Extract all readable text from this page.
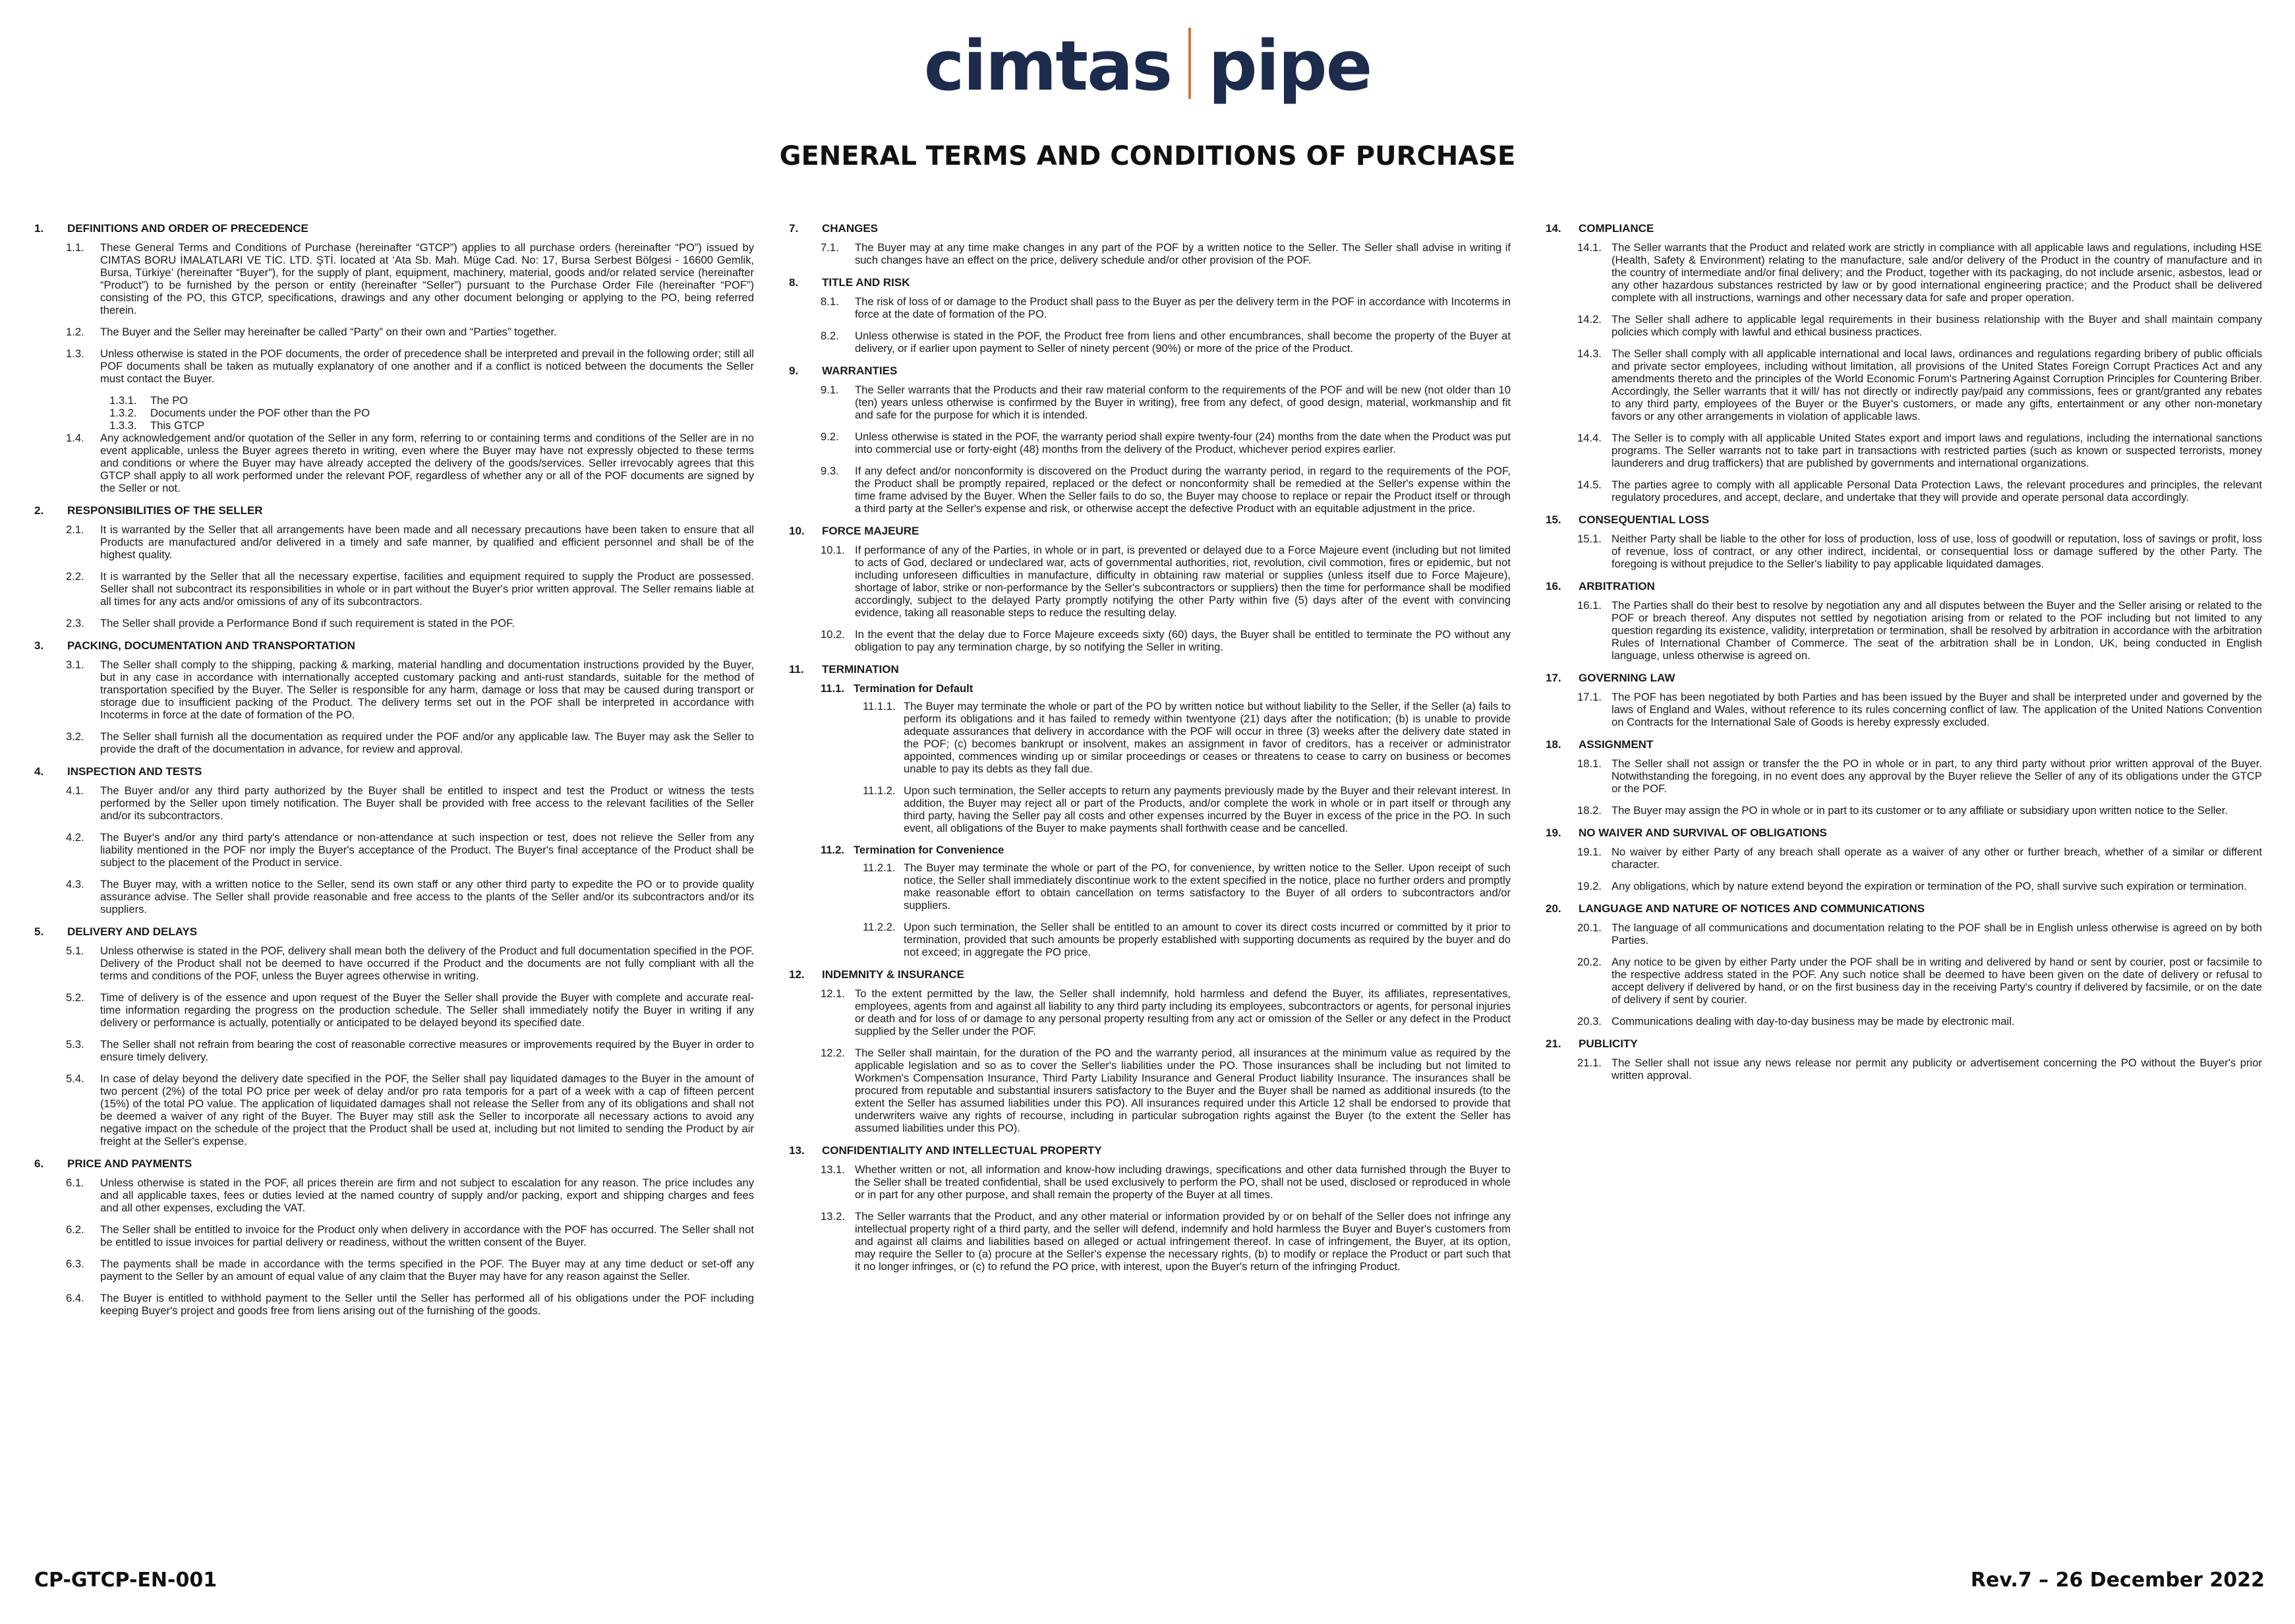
cimtas pipe
GENERAL TERMS AND CONDITIONS OF PURCHASE
1.	DEFINITIONS AND ORDER OF PRECEDENCE
1.1.	These General Terms and Conditions of Purchase (hereinafter “GTCP”) applies to all purchase orders (hereinafter “PO”) issued by CIMTAS BORU İMALATLARI VE TİC. LTD. ŞTİ. located at ‘Ata Sb. Mah. Müge Cad. No: 17, Bursa Serbest Bölgesi - 16600 Gemlik, Bursa, Türkiye’ (hereinafter “Buyer”), for the supply of plant, equipment, machinery, material, goods and/or related service (hereinafter “Product”) to be furnished by the person or entity (hereinafter “Seller”) pursuant to the Purchase Order File (hereinafter “POF”) consisting of the PO, this GTCP, specifications, drawings and any other document belonging or applying to the PO, being referred therein.
1.2.	The Buyer and the Seller may hereinafter be called “Party” on their own and “Parties” together.
1.3.	Unless otherwise is stated in the POF documents, the order of precedence shall be interpreted and prevail in the following order; still all POF documents shall be taken as mutually explanatory of one another and if a conflict is noticed between the documents the Seller must contact the Buyer.
1.3.1.	The PO
1.3.2.	Documents under the POF other than the PO
1.3.3.	This GTCP
1.4.	Any acknowledgement and/or quotation of the Seller in any form, referring to or containing terms and conditions of the Seller are in no event applicable, unless the Buyer agrees thereto in writing, even where the Buyer may have not expressly objected to these terms and conditions or where the Buyer may have already accepted the delivery of the goods/services. Seller irrevocably agrees that this GTCP shall apply to all work performed under the relevant POF, regardless of whether any or all of the POF documents are signed by the Seller or not.
2.	RESPONSIBILITIES OF THE SELLER
2.1.	It is warranted by the Seller that all arrangements have been made and all necessary precautions have been taken to ensure that all Products are manufactured and/or delivered in a timely and safe manner, by qualified and efficient personnel and shall be of the highest quality.
2.2.	It is warranted by the Seller that all the necessary expertise, facilities and equipment required to supply the Product are possessed. Seller shall not subcontract its responsibilities in whole or in part without the Buyer's prior written approval. The Seller remains liable at all times for any acts and/or omissions of any of its subcontractors.
2.3.	The Seller shall provide a Performance Bond if such requirement is stated in the POF.
3.	PACKING, DOCUMENTATION AND TRANSPORTATION
3.1.	The Seller shall comply to the shipping, packing & marking, material handling and documentation instructions provided by the Buyer, but in any case in accordance with internationally accepted customary packing and anti-rust standards, suitable for the method of transportation specified by the Buyer. The Seller is responsible for any harm, damage or loss that may be caused during transport or storage due to insufficient packing of the Product. The delivery terms set out in the POF shall be interpreted in accordance with Incoterms in force at the date of formation of the PO.
3.2.	The Seller shall furnish all the documentation as required under the POF and/or any applicable law. The Buyer may ask the Seller to provide the draft of the documentation in advance, for review and approval.
4.	INSPECTION AND TESTS
4.1.	The Buyer and/or any third party authorized by the Buyer shall be entitled to inspect and test the Product or witness the tests performed by the Seller upon timely notification. The Buyer shall be provided with free access to the relevant facilities of the Seller and/or its subcontractors.
4.2.	The Buyer's and/or any third party's attendance or non-attendance at such inspection or test, does not relieve the Seller from any liability mentioned in the POF nor imply the Buyer's acceptance of the Product. The Buyer's final acceptance of the Product shall be subject to the placement of the Product in service.
4.3.	The Buyer may, with a written notice to the Seller, send its own staff or any other third party to expedite the PO or to provide quality assurance advise. The Seller shall provide reasonable and free access to the plants of the Seller and/or its subcontractors and/or its suppliers.
5.	DELIVERY AND DELAYS
5.1.	Unless otherwise is stated in the POF, delivery shall mean both the delivery of the Product and full documentation specified in the POF. Delivery of the Product shall not be deemed to have occurred if the Product and the documents are not fully compliant with all the terms and conditions of the POF, unless the Buyer agrees otherwise in writing.
5.2.	Time of delivery is of the essence and upon request of the Buyer the Seller shall provide the Buyer with complete and accurate real-time information regarding the progress on the production schedule. The Seller shall immediately notify the Buyer in writing if any delivery or performance is actually, potentially or anticipated to be delayed beyond its specified date.
5.3.	The Seller shall not refrain from bearing the cost of reasonable corrective measures or improvements required by the Buyer in order to ensure timely delivery.
5.4.	In case of delay beyond the delivery date specified in the POF, the Seller shall pay liquidated damages to the Buyer in the amount of two percent (2%) of the total PO price per week of delay and/or pro rata temporis for a part of a week with a cap of fifteen percent (15%) of the total PO value. The application of liquidated damages shall not release the Seller from any of its obligations and shall not be deemed a waiver of any right of the Buyer. The Buyer may still ask the Seller to incorporate all necessary actions to avoid any negative impact on the schedule of the project that the Product shall be used at, including but not limited to sending the Product by air freight at the Seller's expense.
6.	PRICE AND PAYMENTS
6.1.	Unless otherwise is stated in the POF, all prices therein are firm and not subject to escalation for any reason. The price includes any and all applicable taxes, fees or duties levied at the named country of supply and/or packing, export and shipping charges and fees and all other expenses, excluding the VAT.
6.2.	The Seller shall be entitled to invoice for the Product only when delivery in accordance with the POF has occurred. The Seller shall not be entitled to issue invoices for partial delivery or readiness, without the written consent of the Buyer.
6.3.	The payments shall be made in accordance with the terms specified in the POF. The Buyer may at any time deduct or set-off any payment to the Seller by an amount of equal value of any claim that the Buyer may have for any reason against the Seller.
6.4.	The Buyer is entitled to withhold payment to the Seller until the Seller has performed all of his obligations under the POF including keeping Buyer's project and goods free from liens arising out of the furnishing of the goods.
7.	CHANGES
7.1.	The Buyer may at any time make changes in any part of the POF by a written notice to the Seller. The Seller shall advise in writing if such changes have an effect on the price, delivery schedule and/or other provision of the POF.
8.	TITLE AND RISK
8.1.	The risk of loss of or damage to the Product shall pass to the Buyer as per the delivery term in the POF in accordance with Incoterms in force at the date of formation of the PO.
8.2.	Unless otherwise is stated in the POF, the Product free from liens and other encumbrances, shall become the property of the Buyer at delivery, or if earlier upon payment to Seller of ninety percent (90%) or more of the price of the Product.
9.	WARRANTIES
9.1.	The Seller warrants that the Products and their raw material conform to the requirements of the POF and will be new (not older than 10 (ten) years unless otherwise is confirmed by the Buyer in writing), free from any defect, of good design, material, workmanship and fit and safe for the purpose for which it is intended.
9.2.	Unless otherwise is stated in the POF, the warranty period shall expire twenty-four (24) months from the date when the Product was put into commercial use or forty-eight (48) months from the delivery of the Product, whichever period expires earlier.
9.3.	If any defect and/or nonconformity is discovered on the Product during the warranty period, in regard to the requirements of the POF, the Product shall be promptly repaired, replaced or the defect or nonconformity shall be remedied at the Seller's expense within the time frame advised by the Buyer. When the Seller fails to do so, the Buyer may choose to replace or repair the Product itself or through a third party at the Seller's expense and risk, or otherwise accept the defective Product with an equitable adjustment in the price.
10.	FORCE MAJEURE
10.1. If performance of any of the Parties, in whole or in part, is prevented or delayed due to a Force Majeure event (including but not limited to acts of God, declared or undeclared war, acts of governmental authorities, riot, revolution, civil commotion, fires or epidemic, but not including unforeseen difficulties in manufacture, difficulty in obtaining raw material or supplies (unless itself due to Force Majeure), shortage of labor, strike or non-performance by the Seller's subcontractors or suppliers) then the time for performance shall be modified accordingly, subject to the delayed Party promptly notifying the other Party within five (5) days after of the event with convincing evidence, taking all reasonable steps to reduce the resulting delay.
10.2. In the event that the delay due to Force Majeure exceeds sixty (60) days, the Buyer shall be entitled to terminate the PO without any obligation to pay any termination charge, by so notifying the Seller in writing.
11.	TERMINATION
11.1. Termination for Default
11.1.1. The Buyer may terminate the whole or part of the PO by written notice but without liability to the Seller, if the Seller (a) fails to perform its obligations and it has failed to remedy within twentyone (21) days after the notification; (b) is unable to provide adequate assurances that delivery in accordance with the POF will occur in three (3) weeks after the delivery date stated in the POF; (c) becomes bankrupt or insolvent, makes an assignment in favor of creditors, has a receiver or administrator appointed, commences winding up or similar proceedings or ceases or threatens to cease to carry on business or becomes unable to pay its debts as they fall due.
11.1.2. Upon such termination, the Seller accepts to return any payments previously made by the Buyer and their relevant interest. In addition, the Buyer may reject all or part of the Products, and/or complete the work in whole or in part itself or through any third party, having the Seller pay all costs and other expenses incurred by the Buyer in excess of the price in the PO. In such event, all obligations of the Buyer to make payments shall forthwith cease and be cancelled.
11.2. Termination for Convenience
11.2.1. The Buyer may terminate the whole or part of the PO, for convenience, by written notice to the Seller. Upon receipt of such notice, the Seller shall immediately discontinue work to the extent specified in the notice, place no further orders and promptly make reasonable effort to obtain cancellation on terms satisfactory to the Buyer of all orders to subcontractors and/or suppliers.
11.2.2. Upon such termination, the Seller shall be entitled to an amount to cover its direct costs incurred or committed by it prior to termination, provided that such amounts be properly established with supporting documents as required by the buyer and do not exceed; in aggregate the PO price.
12.	INDEMNITY & INSURANCE
12.1. To the extent permitted by the law, the Seller shall indemnify, hold harmless and defend the Buyer, its affiliates, representatives, employees, agents from and against all liability to any third party including its employees, subcontractors or agents, for personal injuries or death and for loss of or damage to any personal property resulting from any act or omission of the Seller or any defect in the Product supplied by the Seller under the POF.
12.2. The Seller shall maintain, for the duration of the PO and the warranty period, all insurances at the minimum value as required by the applicable legislation and so as to cover the Seller's liabilities under the PO. Those insurances shall be including but not limited to Workmen's Compensation Insurance, Third Party Liability Insurance and General Product liability Insurance. The insurances shall be procured from reputable and substantial insurers satisfactory to the Buyer and the Buyer shall be named as additional insureds (to the extent the Seller has assumed liabilities under this PO). All insurances required under this Article 12 shall be endorsed to provide that underwriters waive any rights of recourse, including in particular subrogation rights against the Buyer (to the extent the Seller has assumed liabilities under this PO).
13.	CONFIDENTIALITY AND INTELLECTUAL PROPERTY
13.1. Whether written or not, all information and know-how including drawings, specifications and other data furnished through the Buyer to the Seller shall be treated confidential, shall be used exclusively to perform the PO, shall not be used, disclosed or reproduced in whole or in part for any other purpose, and shall remain the property of the Buyer at all times.
13.2. The Seller warrants that the Product, and any other material or information provided by or on behalf of the Seller does not infringe any intellectual property right of a third party, and the seller will defend, indemnify and hold harmless the Buyer and Buyer's customers from and against all claims and liabilities based on alleged or actual infringement thereof. In case of infringement, the Buyer, at its option, may require the Seller to (a) procure at the Seller's expense the necessary rights, (b) to modify or replace the Product or part such that it no longer infringes, or (c) to refund the PO price, with interest, upon the Buyer's return of the infringing Product.
14.	COMPLIANCE
14.1. The Seller warrants that the Product and related work are strictly in compliance with all applicable laws and regulations, including HSE (Health, Safety & Environment) relating to the manufacture, sale and/or delivery of the Product in the country of manufacture and in the country of intermediate and/or final delivery; and the Product, together with its packaging, do not include arsenic, asbestos, lead or any other hazardous substances restricted by law or by good international engineering practice; and the Product shall be delivered complete with all instructions, warnings and other necessary data for safe and proper operation.
14.2. The Seller shall adhere to applicable legal requirements in their business relationship with the Buyer and shall maintain company policies which comply with lawful and ethical business practices.
14.3. The Seller shall comply with all applicable international and local laws, ordinances and regulations regarding bribery of public officials and private sector employees, including without limitation, all provisions of the United States Foreign Corrupt Practices Act and any amendments thereto and the principles of the World Economic Forum's Partnering Against Corruption Principles for Countering Briber. Accordingly, the Seller warrants that it will/ has not directly or indirectly pay/paid any commissions, fees or grant/granted any rebates to any third party, employees of the Buyer or the Buyer's customers, or made any gifts, entertainment or any other non-monetary favors or any other arrangements in violation of applicable laws.
14.4. The Seller is to comply with all applicable United States export and import laws and regulations, including the international sanctions programs. The Seller warrants not to take part in transactions with restricted parties (such as known or suspected terrorists, money launderers and drug traffickers) that are published by governments and international organizations.
14.5. The parties agree to comply with all applicable Personal Data Protection Laws, the relevant procedures and principles, the relevant regulatory procedures, and accept, declare, and undertake that they will provide and operate personal data accordingly.
15.	CONSEQUENTIAL LOSS
15.1. Neither Party shall be liable to the other for loss of production, loss of use, loss of goodwill or reputation, loss of savings or profit, loss of revenue, loss of contract, or any other indirect, incidental, or consequential loss or damage suffered by the other Party. The foregoing is without prejudice to the Seller's liability to pay applicable liquidated damages.
16.	ARBITRATION
16.1. The Parties shall do their best to resolve by negotiation any and all disputes between the Buyer and the Seller arising or related to the POF or breach thereof. Any disputes not settled by negotiation arising from or related to the POF including but not limited to any question regarding its existence, validity, interpretation or termination, shall be resolved by arbitration in accordance with the arbitration Rules of International Chamber of Commerce. The seat of the arbitration shall be in London, UK, being conducted in English language, unless otherwise is agreed on.
17.	GOVERNING LAW
17.1. The POF has been negotiated by both Parties and has been issued by the Buyer and shall be interpreted under and governed by the laws of England and Wales, without reference to its rules concerning conflict of law. The application of the United Nations Convention on Contracts for the International Sale of Goods is hereby expressly excluded.
18.	ASSIGNMENT
18.1. The Seller shall not assign or transfer the the PO in whole or in part, to any third party without prior written approval of the Buyer. Notwithstanding the foregoing, in no event does any approval by the Buyer relieve the Seller of any of its obligations under the GTCP or the POF.
18.2. The Buyer may assign the PO in whole or in part to its customer or to any affiliate or subsidiary upon written notice to the Seller.
19.	NO WAIVER AND SURVIVAL OF OBLIGATIONS
19.1. No waiver by either Party of any breach shall operate as a waiver of any other or further breach, whether of a similar or different character.
19.2. Any obligations, which by nature extend beyond the expiration or termination of the PO, shall survive such expiration or termination.
20.	LANGUAGE AND NATURE OF NOTICES AND COMMUNICATIONS
20.1. The language of all communications and documentation relating to the POF shall be in English unless otherwise is agreed on by both Parties.
20.2. Any notice to be given by either Party under the POF shall be in writing and delivered by hand or sent by courier, post or facsimile to the respective address stated in the POF. Any such notice shall be deemed to have been given on the date of delivery or refusal to accept delivery if delivered by hand, or on the first business day in the receiving Party's country if delivered by facsimile, or on the date of delivery if sent by courier.
20.3. Communications dealing with day-to-day business may be made by electronic mail.
21.	PUBLICITY
21.1. The Seller shall not issue any news release nor permit any publicity or advertisement concerning the PO without the Buyer's prior written approval.
CP-GTCP-EN-001	Rev.7 – 26 December 2022
